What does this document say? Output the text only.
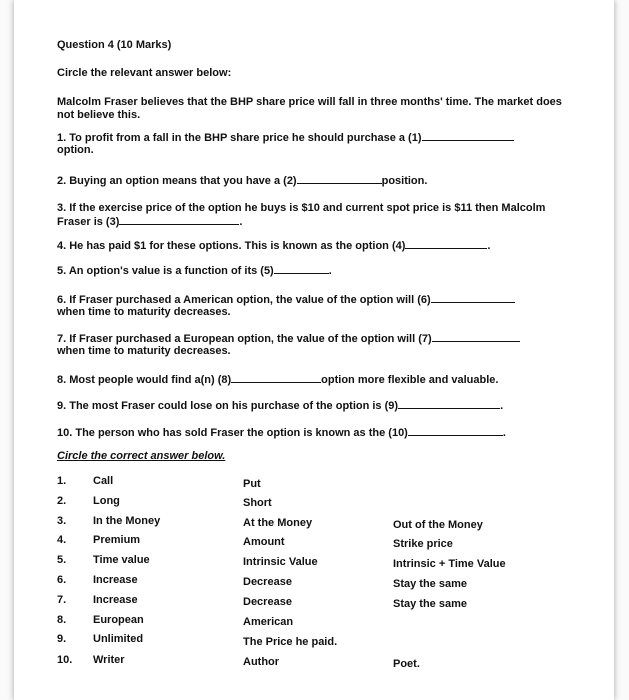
Question 4 (10 Marks)
Circle the relevant answer below:
Malcolm Fraser believes that the BHP share price will fall in three months' time. The market does not believe this.
1. To profit from a fall in the BHP share price he should purchase a (1)
option.
2. Buying an option means that you have a (2)	position.
3. If the exercise price of the option he buys is $10 and current spot price is $11 then Malcolm Fraser is (3)	.
4. He has paid $1 for these options. This is known as the option (4)	.
5. An option's value is a function of its (5)	.
6. If Fraser purchased a American option, the value of the option will (6)
when time to maturity decreases.
7. If Fraser purchased a European option, the value of the option will (7)
when time to maturity decreases.
8. Most people would find a(n) (8)	option more flexible and valuable.
9. The most Fraser could lose on his purchase of the option is (9)	.
10. The person who has sold Fraser the option is known as the (10)	.
Circle the correct answer below.
1. Call	Put
2. Long	Short
3. In the Money	At the Money	Out of the Money
4. Premium	Amount	Strike price
5. Time value	Intrinsic Value	Intrinsic + Time Value
6. Increase	Decrease	Stay the same
7. Increase	Decrease	Stay the same
8. European	American
9. Unlimited	The Price he paid.
10. Writer	Author	Poet.
